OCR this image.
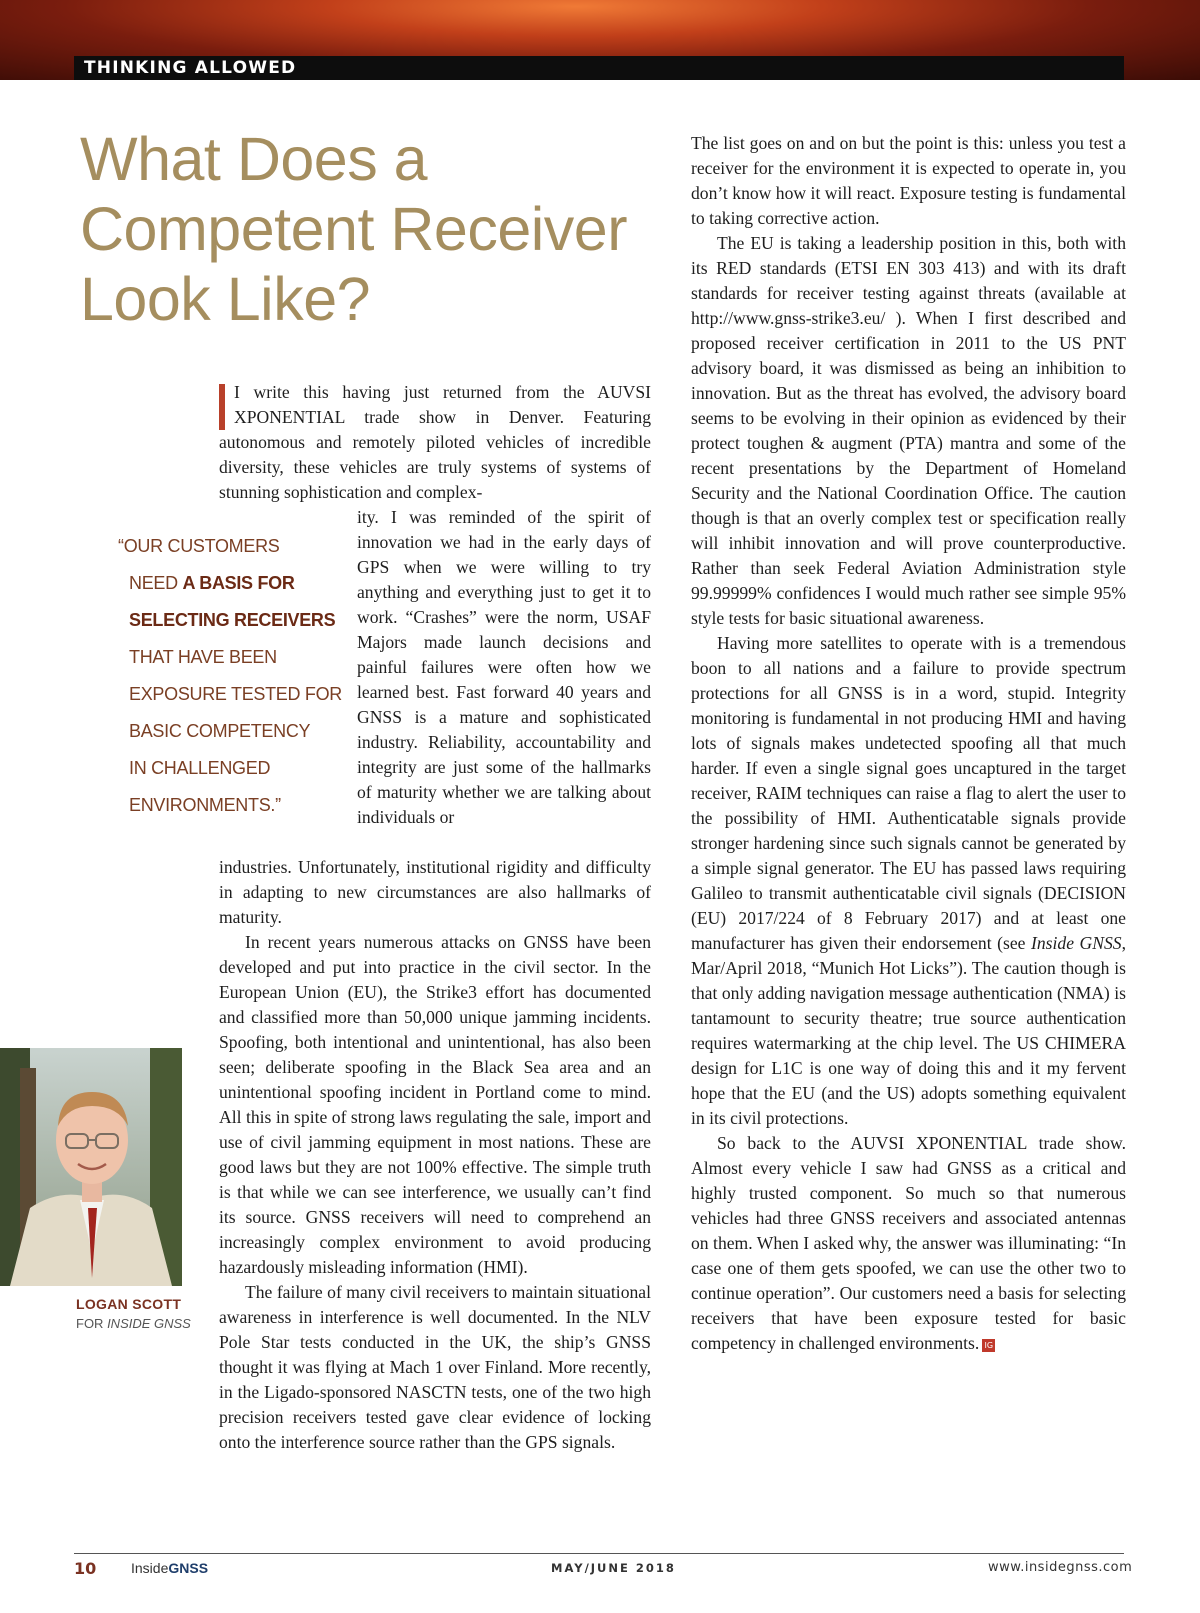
THINKING ALLOWED
What Does a Competent Receiver Look Like?

I write this having just returned from the AUVSI XPONENTIAL trade show in Denver. Featuring autonomous and remotely piloted vehicles of incredible diversity, these vehicles are truly systems of systems of stunning sophistication and complex-

ity. I was reminded of the spirit of innovation we had in the early days of GPS when we were willing to try anything and everything just to get it to work. “Crashes” were the norm, USAF Majors made launch decisions and painful failures were often how we learned best. Fast forward 40 years and GNSS is a mature and sophisticated industry. Reliability, accountability and integrity are just some of the hallmarks of maturity whether we are talking about individuals or

“OUR CUSTOMERS
NEED A BASIS FOR
SELECTING RECEIVERS
THAT HAVE BEEN
EXPOSURE TESTED FOR
BASIC COMPETENCY
IN CHALLENGED
ENVIRONMENTS.”

industries. Unfortunately, institutional rigidity and difficulty in adapting to new circumstances are also hallmarks of maturity.

In recent years numerous attacks on GNSS have been developed and put into practice in the civil sector. In the European Union (EU), the Strike3 effort has documented and classified more than 50,000 unique jamming incidents. Spoofing, both intentional and unintentional, has also been seen; deliberate spoofing in the Black Sea area and an unintentional spoofing incident in Portland come to mind. All this in spite of strong laws regulating the sale, import and use of civil jamming equipment in most nations. These are good laws but they are not 100% effective. The simple truth is that while we can see interference, we usually can’t find its source. GNSS receivers will need to comprehend an increasingly complex environment to avoid producing hazardously misleading information (HMI).

The failure of many civil receivers to maintain situational awareness in interference is well documented. In the NLV Pole Star tests conducted in the UK, the ship’s GNSS thought it was flying at Mach 1 over Finland. More recently, in the Ligado-sponsored NASCTN tests, one of the two high precision receivers tested gave clear evidence of locking onto the interference source rather than the GPS signals.

LOGAN SCOTT
FOR INSIDE GNSS

The list goes on and on but the point is this: unless you test a receiver for the environment it is expected to operate in, you don’t know how it will react. Exposure testing is fundamental to taking corrective action.

The EU is taking a leadership position in this, both with its RED standards (ETSI EN 303 413) and with its draft standards for receiver testing against threats (available at http://www.gnss-strike3.eu/ ). When I first described and proposed receiver certification in 2011 to the US PNT advisory board, it was dismissed as being an inhibition to innovation. But as the threat has evolved, the advisory board seems to be evolving in their opinion as evidenced by their protect toughen & augment (PTA) mantra and some of the recent presentations by the Department of Homeland Security and the National Coordination Office. The caution though is that an overly complex test or specification really will inhibit innovation and will prove counterproductive. Rather than seek Federal Aviation Administration style 99.99999% confidences I would much rather see simple 95% style tests for basic situational awareness.

Having more satellites to operate with is a tremendous boon to all nations and a failure to provide spectrum protections for all GNSS is in a word, stupid. Integrity monitoring is fundamental in not producing HMI and having lots of signals makes undetected spoofing all that much harder. If even a single signal goes uncaptured in the target receiver, RAIM techniques can raise a flag to alert the user to the possibility of HMI. Authenticatable signals provide stronger hardening since such signals cannot be generated by a simple signal generator. The EU has passed laws requiring Galileo to transmit authenticatable civil signals (DECISION (EU) 2017/224 of 8 February 2017) and at least one manufacturer has given their endorsement (see Inside GNSS, Mar/April 2018, “Munich Hot Licks”). The caution though is that only adding navigation message authentication (NMA) is tantamount to security theatre; true source authentication requires watermarking at the chip level. The US CHIMERA design for L1C is one way of doing this and it my fervent hope that the EU (and the US) adopts something equivalent in its civil protections.

So back to the AUVSI XPONENTIAL trade show. Almost every vehicle I saw had GNSS as a critical and highly trusted component. So much so that numerous vehicles had three GNSS receivers and associated antennas on them. When I asked why, the answer was illuminating: “In case one of them gets spoofed, we can use the other two to continue operation”. Our customers need a basis for selecting receivers that have been exposure tested for basic competency in challenged environments. IG

10 InsideGNSS	MAY/JUNE 2018	www.insidegnss.com
